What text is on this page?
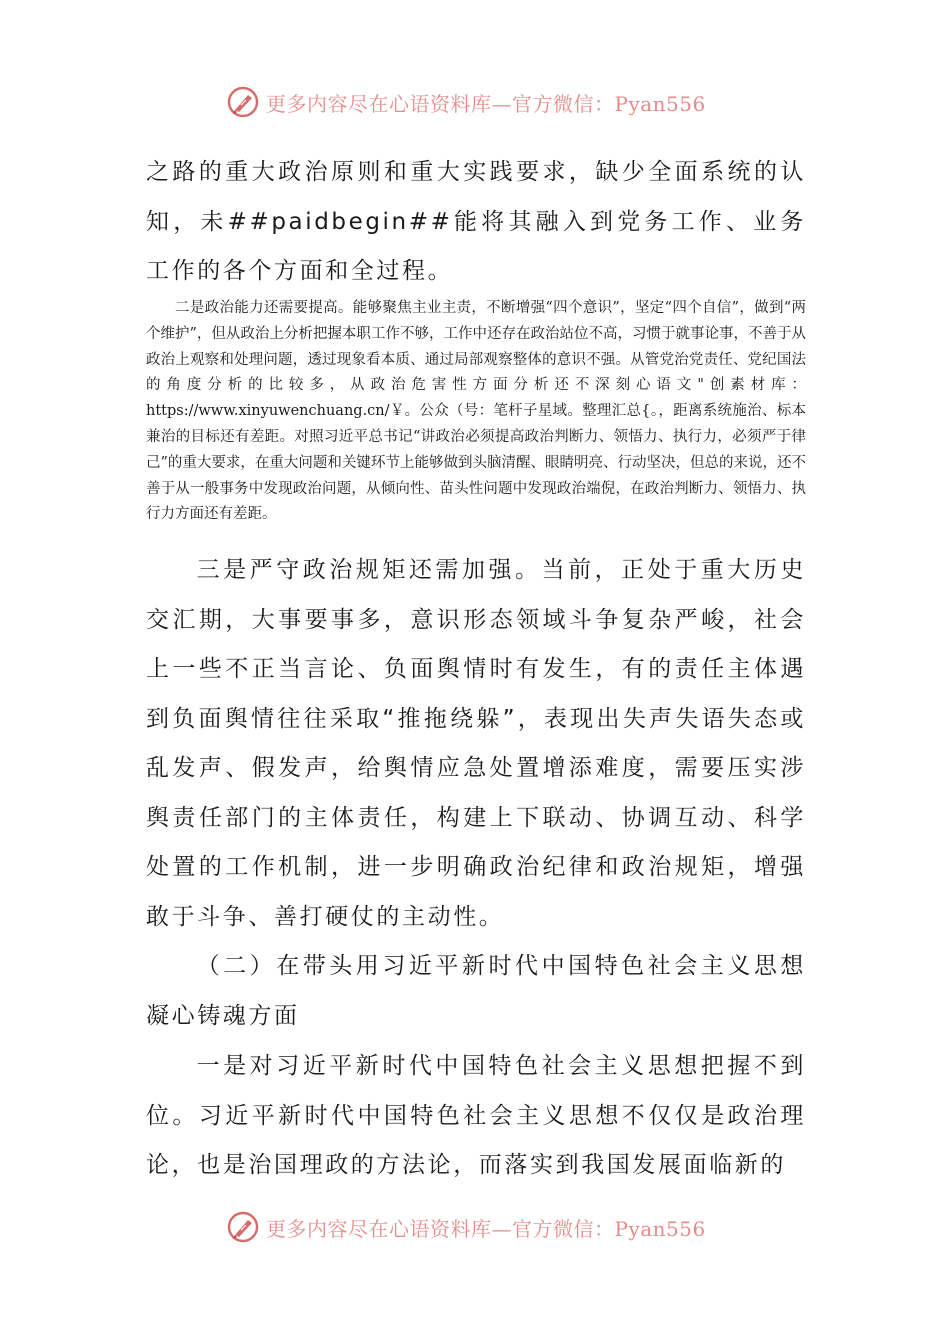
更多内容尽在心语资料库—官方微信：Pyan556

之路的重大政治原则和重大实践要求，缺少全面系统的认知，未##paidbegin##能将其融入到党务工作、业务工作的各个方面和全过程。

二是政治能力还需要提高。能够聚焦主业主责，不断增强“四个意识”，坚定“四个自信”，做到“两个维护”，但从政治上分析把握本职工作不够，工作中还存在政治站位不高，习惯于就事论事，不善于从政治上观察和处理问题，透过现象看本质、通过局部观察整体的意识不强。从管党治党责任、党纪国法的角度分析的比较多，从政治危害性方面分析还不深刻心语文"创素材库：https://www.xinyuwenchuang.cn/￥。公众（号：笔杆子星域。整理汇总{。，距离系统施治、标本兼治的目标还有差距。对照习近平总书记“讲政治必须提高政治判断力、领悟力、执行力，必须严于律己”的重大要求，在重大问题和关键环节上能够做到头脑清醒、眼睛明亮、行动坚决，但总的来说，还不善于从一般事务中发现政治问题，从倾向性、苗头性问题中发现政治端倪，在政治判断力、领悟力、执行力方面还有差距。

三是严守政治规矩还需加强。当前，正处于重大历史交汇期，大事要事多，意识形态领域斗争复杂严峻，社会上一些不正当言论、负面舆情时有发生，有的责任主体遇到负面舆情往往采取“推拖绕躲”，表现出失声失语失态或乱发声、假发声，给舆情应急处置增添难度，需要压实涉舆责任部门的主体责任，构建上下联动、协调互动、科学处置的工作机制，进一步明确政治纪律和政治规矩，增强敢于斗争、善打硬仗的主动性。

（二）在带头用习近平新时代中国特色社会主义思想凝心铸魂方面

一是对习近平新时代中国特色社会主义思想把握不到位。习近平新时代中国特色社会主义思想不仅仅是政治理论，也是治国理政的方法论，而落实到我国发展面临新的

更多内容尽在心语资料库—官方微信：Pyan556
